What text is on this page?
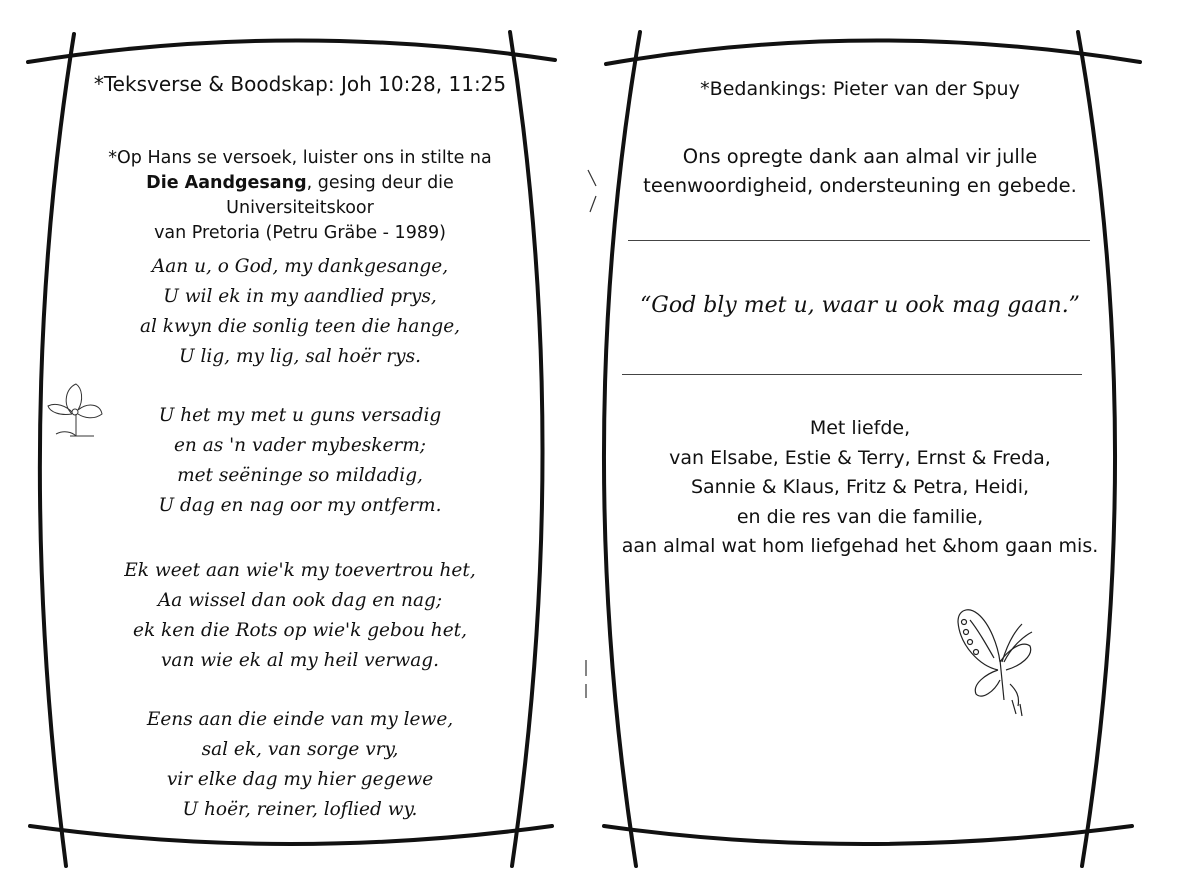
*Teksverse & Boodskap: Joh 10:28, 11:25
*Op Hans se versoek, luister ons in stilte na
Die Aandgesang, gesing deur die Universiteitskoor
van Pretoria (Petru Gräbe - 1989)
Aan u, o God, my dankgesange,
U wil ek in my aandlied prys,
al kwyn die sonlig teen die hange,
U lig, my lig, sal hoër rys.
U het my met u guns versadig
en as 'n vader mybeskerm;
met seëninge so mildadig,
U dag en nag oor my ontferm.
Ek weet aan wie'k my toevertrou het,
Aa wissel dan ook dag en nag;
ek ken die Rots op wie'k gebou het,
van wie ek al my heil verwag.
Eens aan die einde van my lewe,
sal ek, van sorge vry,
vir elke dag my hier gegewe
U hoër, reiner, loflied wy.
*Bedankings: Pieter van der Spuy
Ons opregte dank aan almal vir julle
teenwoordigheid, ondersteuning en gebede.
“God bly met u, waar u ook mag gaan.”
Met liefde,
van Elsabe, Estie & Terry, Ernst & Freda,
Sannie & Klaus, Fritz & Petra, Heidi,
en die res van die familie,
aan almal wat hom liefgehad het &hom gaan mis.
